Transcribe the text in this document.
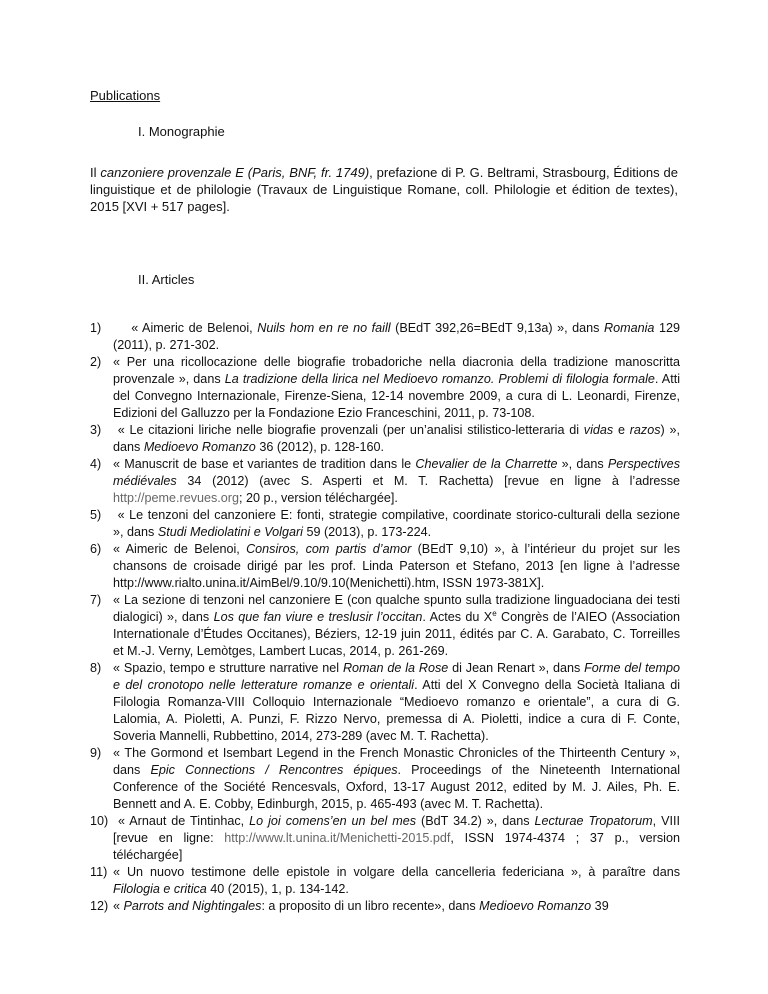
Publications
I. Monographie
Il canzoniere provenzale E (Paris, BNF, fr. 1749), prefazione di P. G. Beltrami, Strasbourg, Éditions de linguistique et de philologie (Travaux de Linguistique Romane, coll. Philologie et édition de textes), 2015 [XVI + 517 pages].
II. Articles
1) « Aimeric de Belenoi, Nuils hom en re no faill (BEdT 392,26=BEdT 9,13a) », dans Romania 129 (2011), p. 271-302.
2) « Per una ricollocazione delle biografie trobadoriche nella diacronia della tradizione manoscritta provenzale », dans La tradizione della lirica nel Medioevo romanzo. Problemi di filologia formale. Atti del Convegno Internazionale, Firenze-Siena, 12-14 novembre 2009, a cura di L. Leonardi, Firenze, Edizioni del Galluzzo per la Fondazione Ezio Franceschini, 2011, p. 73-108.
3) « Le citazioni liriche nelle biografie provenzali (per un’analisi stilistico-letteraria di vidas e razos) », dans Medioevo Romanzo 36 (2012), p. 128-160.
4) « Manuscrit de base et variantes de tradition dans le Chevalier de la Charrette », dans Perspectives médiévales 34 (2012) (avec S. Asperti et M. T. Rachetta) [revue en ligne à l’adresse http://peme.revues.org; 20 p., version téléchargée].
5) « Le tenzoni del canzoniere E: fonti, strategie compilative, coordinate storico-culturali della sezione », dans Studi Mediolatini e Volgari 59 (2013), p. 173-224.
6) « Aimeric de Belenoi, Consiros, com partis d’amor (BEdT 9,10) », à l’intérieur du projet sur les chansons de croisade dirigé par les prof. Linda Paterson et Stefano, 2013 [en ligne à l’adresse http://www.rialto.unina.it/AimBel/9.10/9.10(Menichetti).htm, ISSN 1973-381X].
7) « La sezione di tenzoni nel canzoniere E (con qualche spunto sulla tradizione linguadociana dei testi dialogici) », dans Los que fan viure e treslusir l’occitan. Actes du Xe Congrès de l’AIEO (Association Internationale d’Études Occitanes), Béziers, 12-19 juin 2011, édités par C. A. Garabato, C. Torreilles et M.-J. Verny, Lemòtges, Lambert Lucas, 2014, p. 261-269.
8) « Spazio, tempo e strutture narrative nel Roman de la Rose di Jean Renart », dans Forme del tempo e del cronotopo nelle letterature romanze e orientali. Atti del X Convegno della Società Italiana di Filologia Romanza-VIII Colloquio Internazionale “Medioevo romanzo e orientale”, a cura di G. Lalomia, A. Pioletti, A. Punzi, F. Rizzo Nervo, premessa di A. Pioletti, indice a cura di F. Conte, Soveria Mannelli, Rubbettino, 2014, 273-289 (avec M. T. Rachetta).
9) « The Gormond et Isembart Legend in the French Monastic Chronicles of the Thirteenth Century », dans Epic Connections / Rencontres épiques. Proceedings of the Nineteenth International Conference of the Société Rencesvals, Oxford, 13-17 August 2012, edited by M. J. Ailes, Ph. E. Bennett and A. E. Cobby, Edinburgh, 2015, p. 465-493 (avec M. T. Rachetta).
10) « Arnaut de Tintinhac, Lo joi comens’en un bel mes (BdT 34.2) », dans Lecturae Tropatorum, VIII [revue en ligne: http://www.lt.unina.it/Menichetti-2015.pdf, ISSN 1974-4374 ; 37 p., version téléchargée]
11) « Un nuovo testimone delle epistole in volgare della cancelleria federiciana », à paraître dans Filologia e critica 40 (2015), 1, p. 134-142.
12) « Parrots and Nightingales: a proposito di un libro recente», dans Medioevo Romanzo 39
